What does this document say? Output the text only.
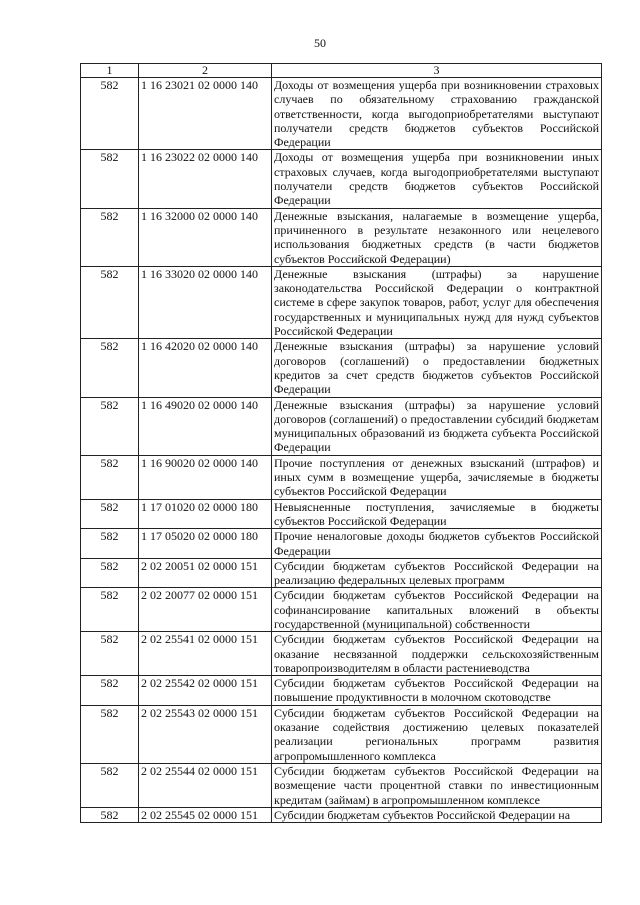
50
1	2	3
582	1 16 23021 02 0000 140	Доходы от возмещения ущерба при возникновении страховых случаев по обязательному страхованию гражданской ответственности, когда выгодоприобретателями выступают получатели средств бюджетов субъектов Российской Федерации
582	1 16 23022 02 0000 140	Доходы от возмещения ущерба при возникновении иных страховых случаев, когда выгодоприобретателями выступают получатели средств бюджетов субъектов Российской Федерации
582	1 16 32000 02 0000 140	Денежные взыскания, налагаемые в возмещение ущерба, причиненного в результате незаконного или нецелевого использования бюджетных средств (в части бюджетов субъектов Российской Федерации)
582	1 16 33020 02 0000 140	Денежные взыскания (штрафы) за нарушение законодательства Российской Федерации о контрактной системе в сфере закупок товаров, работ, услуг для обеспечения государственных и муниципальных нужд для нужд субъектов Российской Федерации
582	1 16 42020 02 0000 140	Денежные взыскания (штрафы) за нарушение условий договоров (соглашений) о предоставлении бюджетных кредитов за счет средств бюджетов субъектов Российской Федерации
582	1 16 49020 02 0000 140	Денежные взыскания (штрафы) за нарушение условий договоров (соглашений) о предоставлении субсидий бюджетам муниципальных образований из бюджета субъекта Российской Федерации
582	1 16 90020 02 0000 140	Прочие поступления от денежных взысканий (штрафов) и иных сумм в возмещение ущерба, зачисляемые в бюджеты субъектов Российской Федерации
582	1 17 01020 02 0000 180	Невыясненные поступления, зачисляемые в бюджеты субъектов Российской Федерации
582	1 17 05020 02 0000 180	Прочие неналоговые доходы бюджетов субъектов Российской Федерации
582	2 02 20051 02 0000 151	Субсидии бюджетам субъектов Российской Федерации на реализацию федеральных целевых программ
582	2 02 20077 02 0000 151	Субсидии бюджетам субъектов Российской Федерации на софинансирование капитальных вложений в объекты государственной (муниципальной) собственности
582	2 02 25541 02 0000 151	Субсидии бюджетам субъектов Российской Федерации на оказание несвязанной поддержки сельскохозяйственным товаропроизводителям в области растениеводства
582	2 02 25542 02 0000 151	Субсидии бюджетам субъектов Российской Федерации на повышение продуктивности в молочном скотоводстве
582	2 02 25543 02 0000 151	Субсидии бюджетам субъектов Российской Федерации на оказание содействия достижению целевых показателей реализации региональных программ развития агропромышленного комплекса
582	2 02 25544 02 0000 151	Субсидии бюджетам субъектов Российской Федерации на возмещение части процентной ставки по инвестиционным кредитам (займам) в агропромышленном комплексе
582	2 02 25545 02 0000 151	Субсидии бюджетам субъектов Российской Федерации на
